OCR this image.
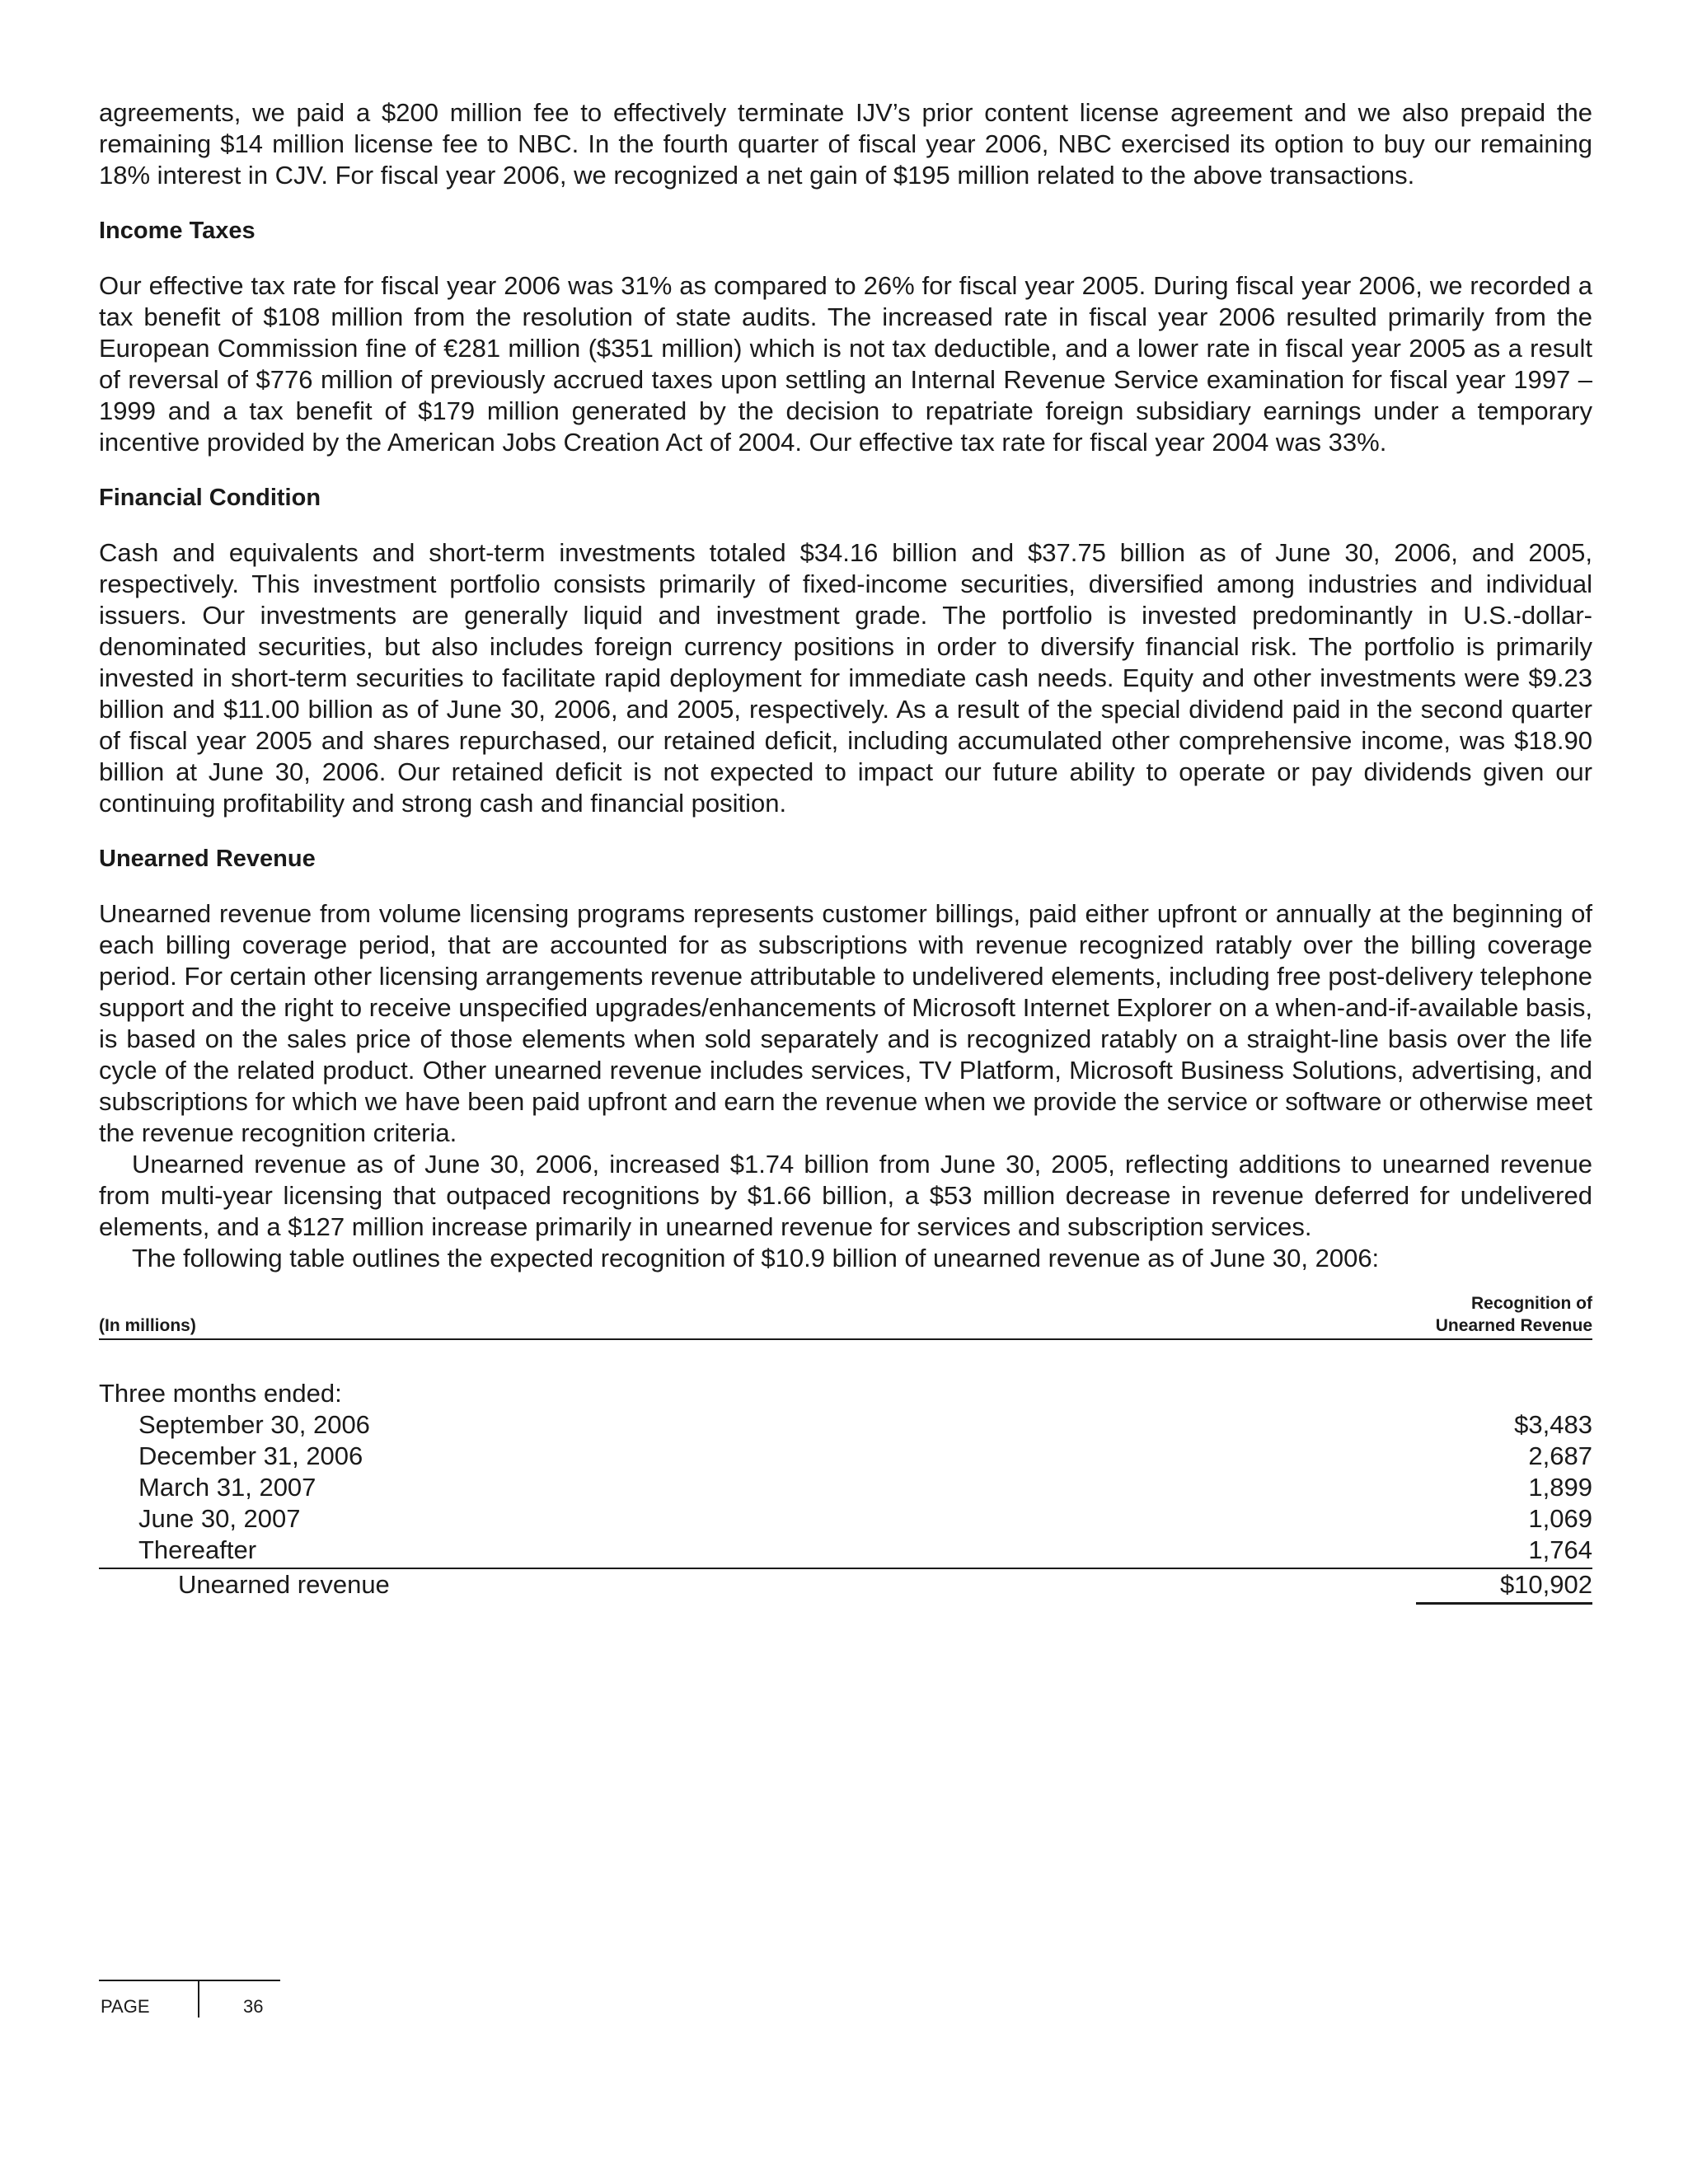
agreements, we paid a $200 million fee to effectively terminate IJV’s prior content license agreement and we also prepaid the remaining $14 million license fee to NBC. In the fourth quarter of fiscal year 2006, NBC exercised its option to buy our remaining 18% interest in CJV. For fiscal year 2006, we recognized a net gain of $195 million related to the above transactions.

Income Taxes

Our effective tax rate for fiscal year 2006 was 31% as compared to 26% for fiscal year 2005. During fiscal year 2006, we recorded a tax benefit of $108 million from the resolution of state audits. The increased rate in fiscal year 2006 resulted primarily from the European Commission fine of €281 million ($351 million) which is not tax deductible, and a lower rate in fiscal year 2005 as a result of reversal of $776 million of previously accrued taxes upon settling an Internal Revenue Service examination for fiscal year 1997 – 1999 and a tax benefit of $179 million generated by the decision to repatriate foreign subsidiary earnings under a temporary incentive provided by the American Jobs Creation Act of 2004. Our effective tax rate for fiscal year 2004 was 33%.

Financial Condition

Cash and equivalents and short-term investments totaled $34.16 billion and $37.75 billion as of June 30, 2006, and 2005, respectively. This investment portfolio consists primarily of fixed-income securities, diversified among industries and individual issuers. Our investments are generally liquid and investment grade. The portfolio is invested predominantly in U.S.-dollar-denominated securities, but also includes foreign currency positions in order to diversify financial risk. The portfolio is primarily invested in short-term securities to facilitate rapid deployment for immediate cash needs. Equity and other investments were $9.23 billion and $11.00 billion as of June 30, 2006, and 2005, respectively. As a result of the special dividend paid in the second quarter of fiscal year 2005 and shares repurchased, our retained deficit, including accumulated other comprehensive income, was $18.90 billion at June 30, 2006. Our retained deficit is not expected to impact our future ability to operate or pay dividends given our continuing profitability and strong cash and financial position.

Unearned Revenue

Unearned revenue from volume licensing programs represents customer billings, paid either upfront or annually at the beginning of each billing coverage period, that are accounted for as subscriptions with revenue recognized ratably over the billing coverage period. For certain other licensing arrangements revenue attributable to undelivered elements, including free post-delivery telephone support and the right to receive unspecified upgrades/enhancements of Microsoft Internet Explorer on a when-and-if-available basis, is based on the sales price of those elements when sold separately and is recognized ratably on a straight-line basis over the life cycle of the related product. Other unearned revenue includes services, TV Platform, Microsoft Business Solutions, advertising, and subscriptions for which we have been paid upfront and earn the revenue when we provide the service or software or otherwise meet the revenue recognition criteria.

Unearned revenue as of June 30, 2006, increased $1.74 billion from June 30, 2005, reflecting additions to unearned revenue from multi-year licensing that outpaced recognitions by $1.66 billion, a $53 million decrease in revenue deferred for undelivered elements, and a $127 million increase primarily in unearned revenue for services and subscription services.

The following table outlines the expected recognition of $10.9 billion of unearned revenue as of June 30, 2006:

(In millions)
Recognition of
Unearned Revenue
Three months ended:
September 30, 2006	$3,483
December 31, 2006	2,687
March 31, 2007	1,899
June 30, 2007	1,069
Thereafter	1,764
Unearned revenue	$10,902
PAGE	36
